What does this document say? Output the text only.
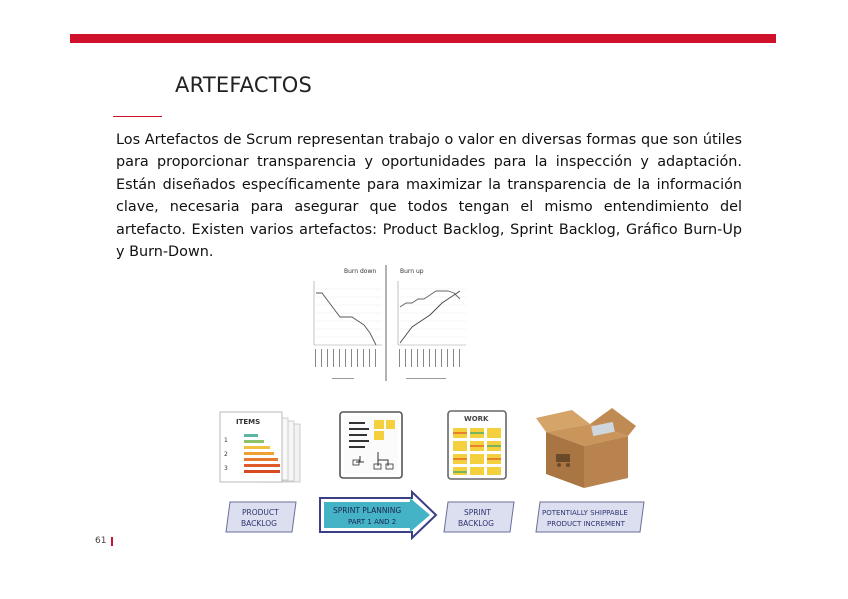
ARTEFACTOS
Los Artefactos de Scrum representan trabajo o valor en diversas formas que son útiles para proporcionar transparencia y oportunidades para la inspección y adaptación. Están diseñados específicamente para maximizar la transparencia de la información clave, necesaria para asegurar que todos tengan el mismo entendimiento del artefacto. Existen varios artefactos: Product Backlog, Sprint Backlog, Gráfico Burn-Up y Burn-Down.
Burn down	Burn up
ITEMS
1
2
3
WORK
PRODUCT
BACKLOG
SPRINT PLANNING
PART 1 AND 2
SPRINT
BACKLOG
POTENTIALLY SHIPPABLE
PRODUCT INCREMENT
61
